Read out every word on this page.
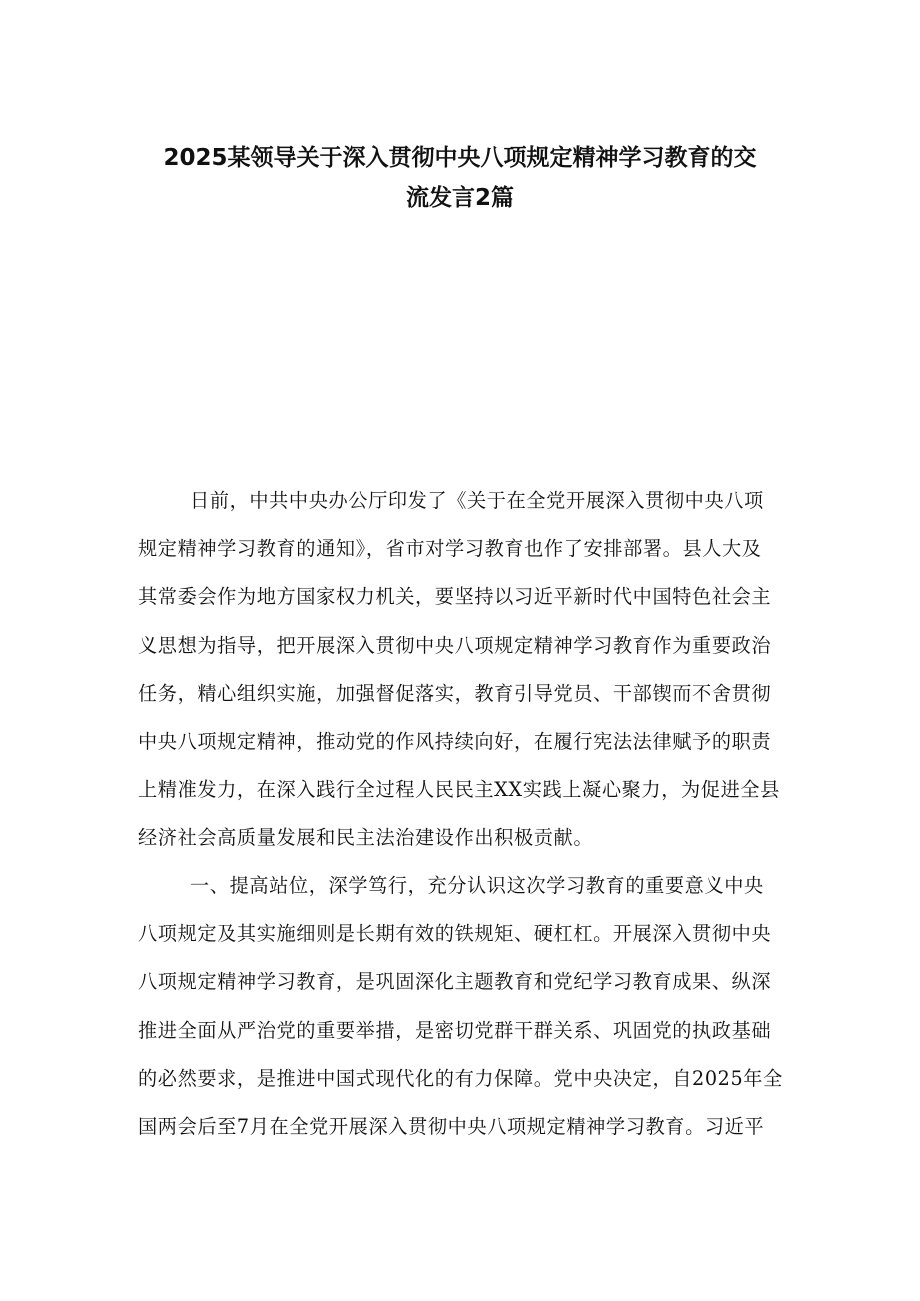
2025某领导关于深入贯彻中央八项规定精神学习教育的交
流发言2篇
日前，中共中央办公厅印发了《关于在全党开展深入贯彻中央八项
规定精神学习教育的通知》，省市对学习教育也作了安排部署。县人大及
其常委会作为地方国家权力机关，要坚持以习近平新时代中国特色社会主
义思想为指导，把开展深入贯彻中央八项规定精神学习教育作为重要政治
任务，精心组织实施，加强督促落实，教育引导党员、干部锲而不舍贯彻
中央八项规定精神，推动党的作风持续向好，在履行宪法法律赋予的职责
上精准发力，在深入践行全过程人民民主XX实践上凝心聚力，为促进全县
经济社会高质量发展和民主法治建设作出积极贡献。
一、提高站位，深学笃行，充分认识这次学习教育的重要意义中央
八项规定及其实施细则是长期有效的铁规矩、硬杠杠。开展深入贯彻中央
八项规定精神学习教育，是巩固深化主题教育和党纪学习教育成果、纵深
推进全面从严治党的重要举措，是密切党群干群关系、巩固党的执政基础
的必然要求，是推进中国式现代化的有力保障。党中央决定，自2025年全
国两会后至7月在全党开展深入贯彻中央八项规定精神学习教育。习近平
